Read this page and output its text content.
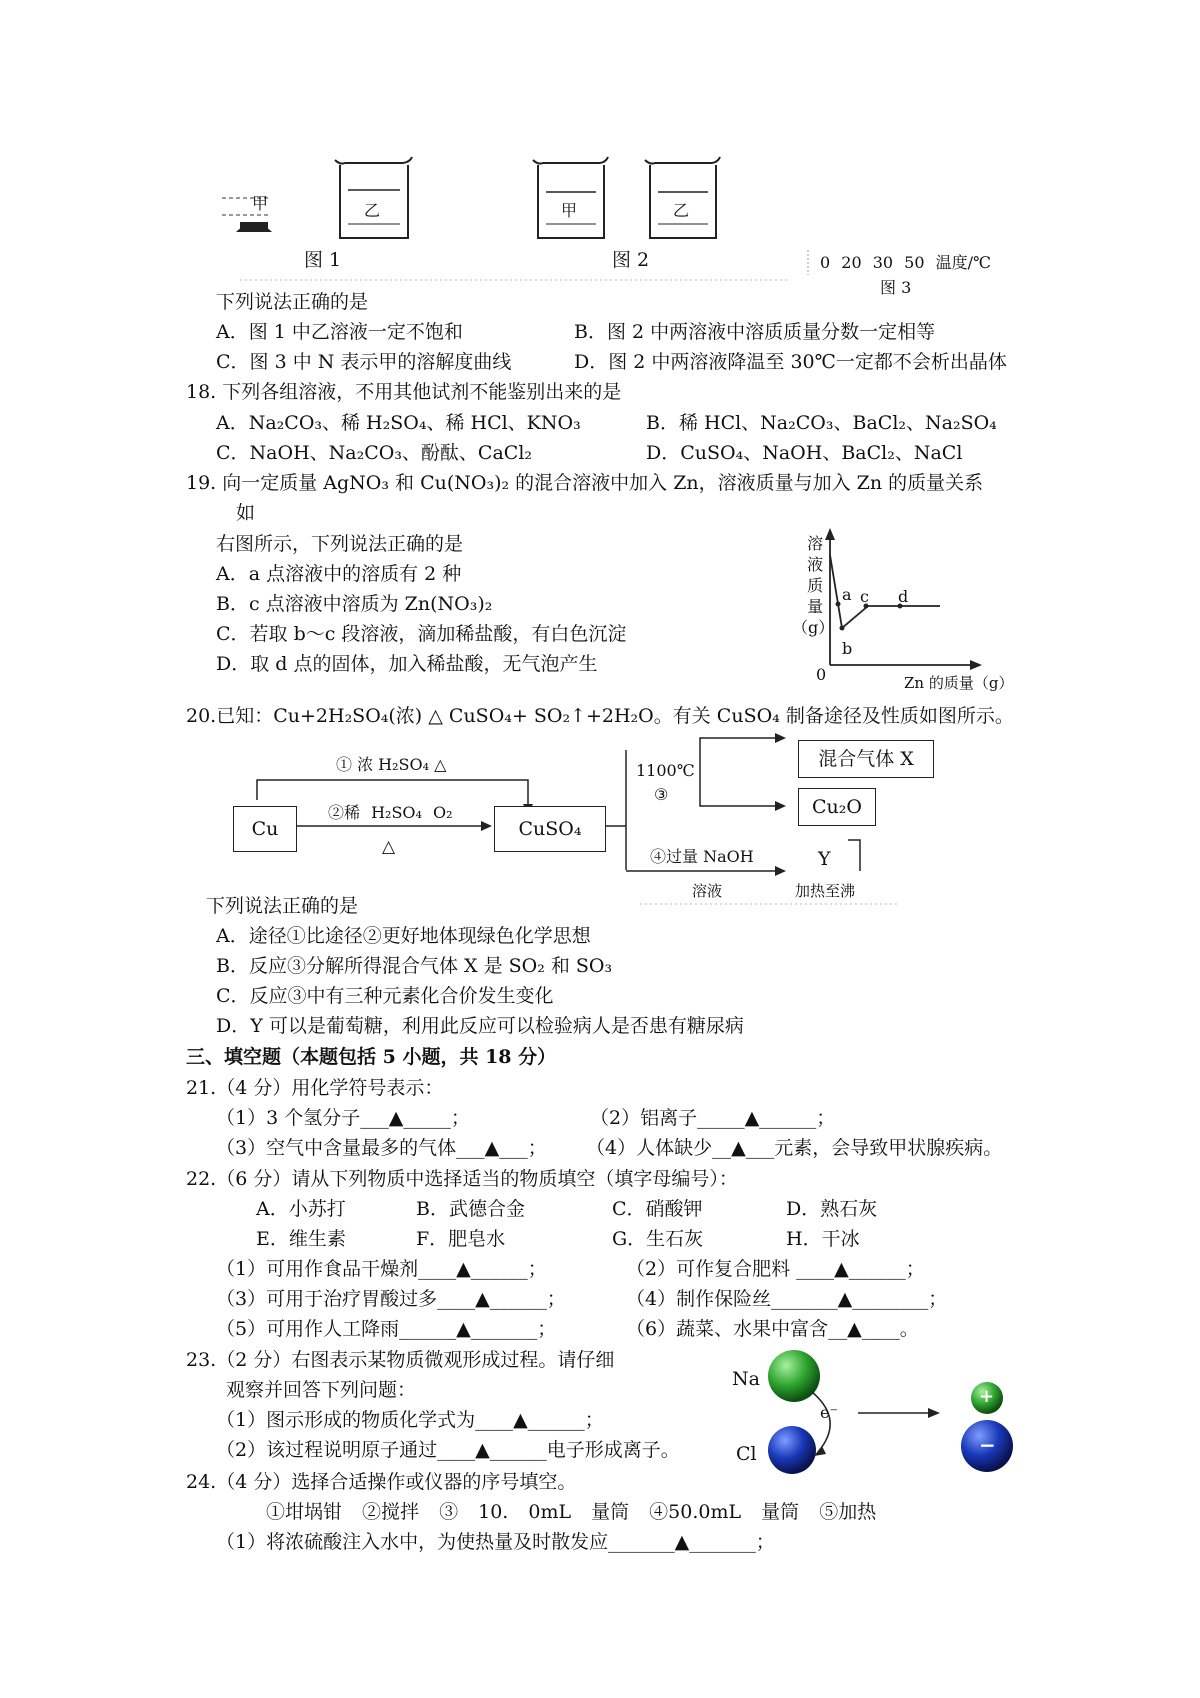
甲	乙	甲	乙
图 1	图 2	0 20 30 50 温度/℃
图 3
下列说法正确的是
A．图 1 中乙溶液一定不饱和	B．图 2 中两溶液中溶质质量分数一定相等
C．图 3 中 N 表示甲的溶解度曲线	D．图 2 中两溶液降温至 30℃一定都不会析出晶体
18. 下列各组溶液，不用其他试剂不能鉴别出来的是
A．Na₂CO₃、稀 H₂SO₄、稀 HCl、KNO₃	B．稀 HCl、Na₂CO₃、BaCl₂、Na₂SO₄
C．NaOH、Na₂CO₃、酚酞、CaCl₂	D．CuSO₄、NaOH、BaCl₂、NaCl
19. 向一定质量 AgNO₃ 和 Cu(NO₃)₂ 的混合溶液中加入 Zn，溶液质量与加入 Zn 的质量关系
如
右图所示，下列说法正确的是
A．a 点溶液中的溶质有 2 种
B．c 点溶液中溶质为 Zn(NO₃)₂
C．若取 b～c 段溶液，滴加稀盐酸，有白色沉淀
D．取 d 点的固体，加入稀盐酸，无气泡产生
溶
液
质
量
（g）
a
b
c d
0	Zn 的质量（g）
20.已知：Cu+2H₂SO₄(浓) △ CuSO₄+ SO₂↑+2H₂O。有关 CuSO₄ 制备途径及性质如图所示。
Cu	CuSO₄
混合气体 X
Cu₂O
① 浓 H₂SO₄ △
②稀 H₂SO₄ O₂
△
1100℃
③
④过量 NaOH
溶液
Y
加热至沸
下列说法正确的是
A．途径①比途径②更好地体现绿色化学思想
B．反应③分解所得混合气体 X 是 SO₂ 和 SO₃
C．反应③中有三种元素化合价发生变化
D．Y 可以是葡萄糖，利用此反应可以检验病人是否患有糖尿病
三、填空题（本题包括 5 小题，共 18 分）
21.（4 分）用化学符号表示：
（1）3 个氢分子___▲_____；	（2）铝离子_____▲______；
（3）空气中含量最多的气体___▲___； （4）人体缺少__▲___元素，会导致甲状腺疾病。
22.（6 分）请从下列物质中选择适当的物质填空（填字母编号）：
A．小苏打	B．武德合金	C．硝酸钾	D．熟石灰
E．维生素	F．肥皂水	G．生石灰	H．干冰
（1）可用作食品干燥剂____▲______；	（2）可作复合肥料 ____▲______；
（3）可用于治疗胃酸过多____▲______；	（4）制作保险丝_______▲________；
（5）可用作人工降雨______▲_______；	（6）蔬菜、水果中富含__▲____。
23.（2 分）右图表示某物质微观形成过程。请仔细
观察并回答下列问题：
（1）图示形成的物质化学式为____▲______；
（2）该过程说明原子通过____▲______电子形成离子。
Na
Cl
e⁻
+
−
24.（4 分）选择合适操作或仪器的序号填空。
①坩埚钳 ②搅拌 ③ 10. 0mL 量筒 ④50.0mL 量筒 ⑤加热
（1）将浓硫酸注入水中，为使热量及时散发应_______▲_______；
